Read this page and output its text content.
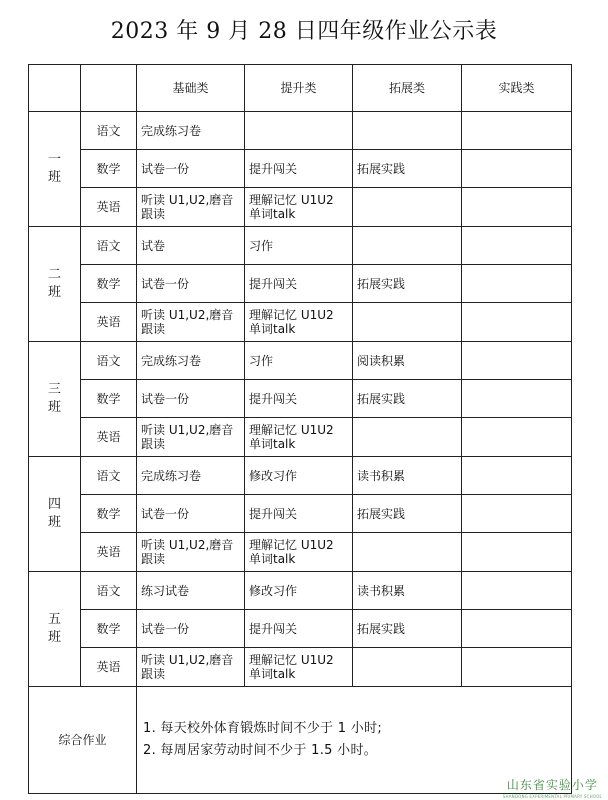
2023 年 9 月 28 日四年级作业公示表
		基础类	提升类	拓展类	实践类
一
班	语文	完成练习卷			
	数学	试卷一份	提升闯关	拓展实践	
	英语	听读 U1,U2,磨音跟读	理解记忆 U1U2 单词talk		
二
班	语文	试卷	习作		
	数学	试卷一份	提升闯关	拓展实践	
	英语	听读 U1,U2,磨音跟读	理解记忆 U1U2 单词talk		
三
班	语文	完成练习卷	习作	阅读积累	
	数学	试卷一份	提升闯关	拓展实践	
	英语	听读 U1,U2,磨音跟读	理解记忆 U1U2 单词talk		
四
班	语文	完成练习卷	修改习作	读书积累	
	数学	试卷一份	提升闯关	拓展实践	
	英语	听读 U1,U2,磨音跟读	理解记忆 U1U2 单词talk		
五
班	语文	练习试卷	修改习作	读书积累	
	数学	试卷一份	提升闯关	拓展实践	
	英语	听读 U1,U2,磨音跟读	理解记忆 U1U2 单词talk		
综合作业		1. 每天校外体育锻炼时间不少于 1 小时;
2. 每周居家劳动时间不少于 1.5 小时。			
山东省实验小学
SHANDONG EXPERIMENTAL PRIMARY SCHOOL
